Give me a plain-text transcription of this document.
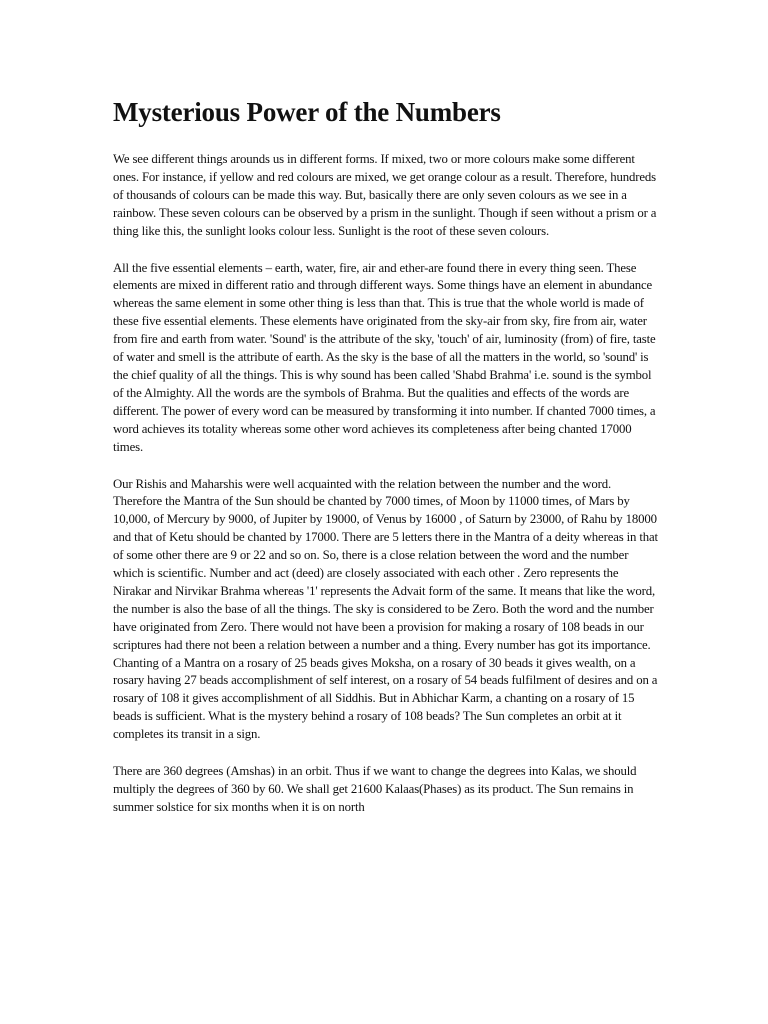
Mysterious Power of the Numbers

We see different things arounds us in different forms. If mixed, two or more colours make some different ones. For instance, if yellow and red colours are mixed, we get orange colour as a result. Therefore, hundreds of thousands of colours can be made this way. But, basically there are only seven colours as we see in a rainbow. These seven colours can be observed by a prism in the sunlight. Though if seen without a prism or a thing like this, the sunlight looks colour less. Sunlight is the root of these seven colours.

All the five essential elements – earth, water, fire, air and ether-are found there in every thing seen. These elements are mixed in different ratio and through different ways. Some things have an element in abundance whereas the same element in some other thing is less than that. This is true that the whole world is made of these five essential elements. These elements have originated from the sky-air from sky, fire from air, water from fire and earth from water. 'Sound' is the attribute of the sky, 'touch' of air, luminosity (from) of fire, taste of water and smell is the attribute of earth. As the sky is the base of all the matters in the world, so 'sound' is the chief quality of all the things. This is why sound has been called 'Shabd Brahma' i.e. sound is the symbol of the Almighty. All the words are the symbols of Brahma. But the qualities and effects of the words are different. The power of every word can be measured by transforming it into number. If chanted 7000 times, a word achieves its totality whereas some other word achieves its completeness after being chanted 17000 times.

Our Rishis and Maharshis were well acquainted with the relation between the number and the word. Therefore the Mantra of the Sun should be chanted by 7000 times, of Moon by 11000 times, of Mars by 10,000, of Mercury by 9000, of Jupiter by 19000, of Venus by 16000 , of Saturn by 23000, of Rahu by 18000 and that of Ketu should be chanted by 17000. There are 5 letters there in the Mantra of a deity whereas in that of some other there are 9 or 22 and so on. So, there is a close relation between the word and the number which is scientific. Number and act (deed) are closely associated with each other . Zero represents the Nirakar and Nirvikar Brahma whereas '1' represents the Advait form of the same. It means that like the word, the number is also the base of all the things. The sky is considered to be Zero. Both the word and the number have originated from Zero. There would not have been a provision for making a rosary of 108 beads in our scriptures had there not been a relation between a number and a thing. Every number has got its importance. Chanting of a Mantra on a rosary of 25 beads gives Moksha, on a rosary of 30 beads it gives wealth, on a rosary having 27 beads accomplishment of self interest, on a rosary of 54 beads fulfilment of desires and on a rosary of 108 it gives accomplishment of all Siddhis. But in Abhichar Karm, a chanting on a rosary of 15 beads is sufficient. What is the mystery behind a rosary of 108 beads? The Sun completes an orbit at it completes its transit in a sign.

There are 360 degrees (Amshas) in an orbit. Thus if we want to change the degrees into Kalas, we should multiply the degrees of 360 by 60. We shall get 21600 Kalaas(Phases) as its product. The Sun remains in summer solstice for six months when it is on north
